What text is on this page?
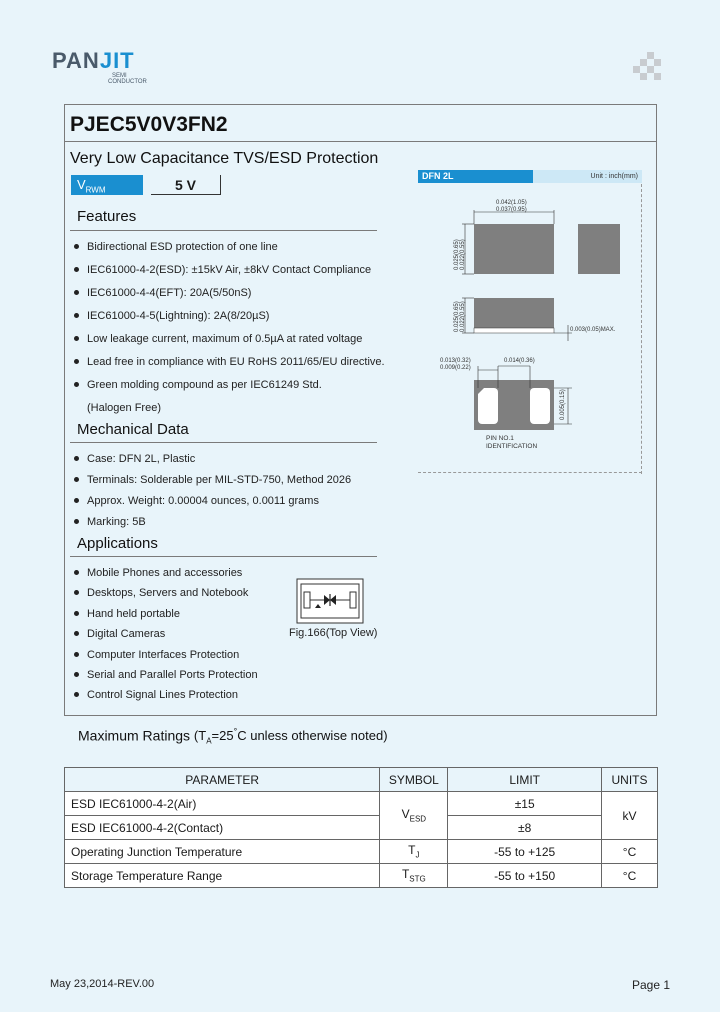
PANJIT
SEMI
CONDUCTOR
PJEC5V0V3FN2
Very Low Capacitance TVS/ESD Protection
$V_{RWM}$	5 V
Features
Bidirectional ESD protection of one line
IEC61000-4-2(ESD): ±15kV Air, ±8kV Contact Compliance
IEC61000-4-4(EFT): 20A(5/50nS)
IEC61000-4-5(Lightning): 2A(8/20µS)
Low leakage current, maximum of 0.5µA at rated voltage
Lead free in compliance with EU RoHS 2011/65/EU directive.
Green molding compound as per IEC61249 Std.
(Halogen Free)
Mechanical Data
Case: DFN 2L, Plastic
Terminals: Solderable per MIL-STD-750, Method 2026
Approx. Weight: 0.00004 ounces, 0.0011 grams
Marking: 5B
Applications
Mobile Phones and accessories
Desktops, Servers and Notebook
Hand held portable
Digital Cameras
Computer Interfaces Protection
Serial and Parallel Ports Protection
Control Signal Lines Protection
Fig.166(Top View)
DFN 2L	Unit : inch(mm)
0.042(1.05)
0.037(0.95)
0.025(0.65) 0.022(0.55)
0.025(0.65) 0.022(0.55)	0.003(0.05)MAX.
0.013(0.32)
0.009(0.22)
0.014(0.36)
0.005(0.15)
PIN NO.1
IDENTIFICATION
Maximum Ratings ($T_A=25^\circ C$ unless otherwise noted)
PARAMETER	SYMBOL	LIMIT	UNITS
ESD IEC61000-4-2(Air)	$V_{ESD}$	±15	kV
ESD IEC61000-4-2(Contact)		±8	
Operating Junction Temperature	$T_J$	-55 to +125	°C
Storage Temperature Range	$T_{STG}$	-55 to +150	°C
May 23,2014-REV.00	Page 1
